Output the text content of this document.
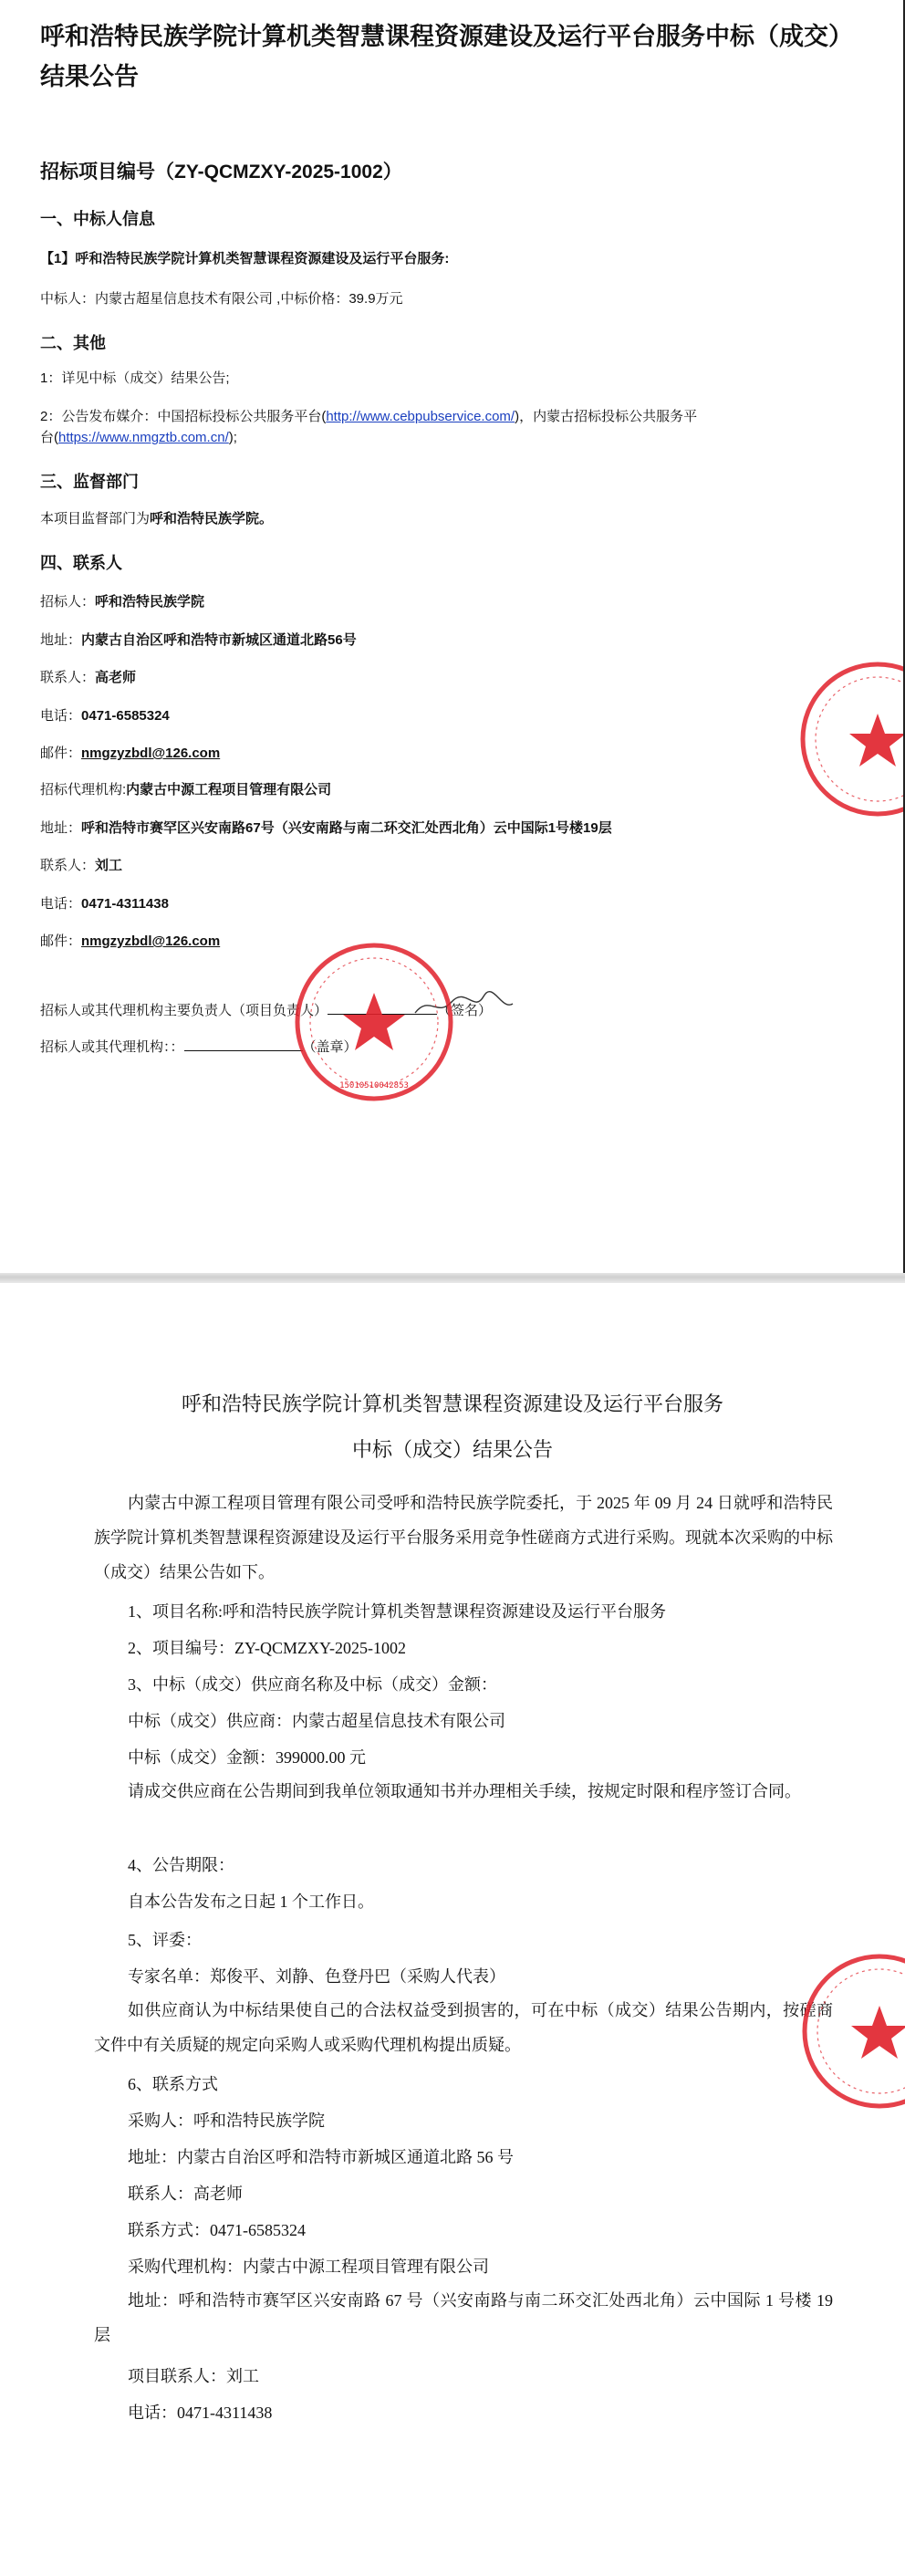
呼和浩特民族学院计算机类智慧课程资源建设及运行平台服务中标（成交）结果公告
招标项目编号（ZY-QCMZXY-2025-1002）
一、中标人信息
【1】呼和浩特民族学院计算机类智慧课程资源建设及运行平台服务:
中标人：内蒙古超星信息技术有限公司 ,中标价格：39.9万元
二、其他
1：详见中标（成交）结果公告;
2：公告发布媒介：中国招标投标公共服务平台(http://www.cebpubservice.com/)，内蒙古招标投标公共服务平
台(https://www.nmgztb.com.cn/);
三、监督部门
本项目监督部门为呼和浩特民族学院。
四、联系人
招标人：呼和浩特民族学院
地址：内蒙古自治区呼和浩特市新城区通道北路56号
联系人：高老师
电话：0471-6585324
邮件：nmgzyzbdl@126.com
招标代理机构:内蒙古中源工程项目管理有限公司
地址：呼和浩特市赛罕区兴安南路67号（兴安南路与南二环交汇处西北角）云中国际1号楼19层
联系人：刘工
电话：0471-4311438
邮件：nmgzyzbdl@126.com
招标人或其代理机构主要负责人（项目负责人）	（签名）
招标人或其代理机构：：	（盖章）
15010510042853
呼和浩特民族学院计算机类智慧课程资源建设及运行平台服务
中标（成交）结果公告
内蒙古中源工程项目管理有限公司受呼和浩特民族学院委托，于 2025 年 09 月 24 日就呼和浩特民族学院计算机类智慧课程资源建设及运行平台服务采用竞争性磋商方式进行采购。现就本次采购的中标（成交）结果公告如下。
1、项目名称:呼和浩特民族学院计算机类智慧课程资源建设及运行平台服务
2、项目编号：ZY-QCMZXY-2025-1002
3、中标（成交）供应商名称及中标（成交）金额：
中标（成交）供应商：内蒙古超星信息技术有限公司
中标（成交）金额：399000.00 元
请成交供应商在公告期间到我单位领取通知书并办理相关手续，按规定时限和程序签订合同。
4、公告期限：
自本公告发布之日起 1 个工作日。
5、评委：
专家名单：郑俊平、刘静、色登丹巴（采购人代表）
如供应商认为中标结果使自己的合法权益受到损害的，可在中标（成交）结果公告期内，按磋商文件中有关质疑的规定向采购人或采购代理机构提出质疑。
6、联系方式
采购人：呼和浩特民族学院
地址：内蒙古自治区呼和浩特市新城区通道北路 56 号
联系人：高老师
联系方式：0471-6585324
采购代理机构：内蒙古中源工程项目管理有限公司
地址：呼和浩特市赛罕区兴安南路 67 号（兴安南路与南二环交汇处西北角）云中国际 1 号楼 19 层
项目联系人：刘工
电话：0471-4311438
